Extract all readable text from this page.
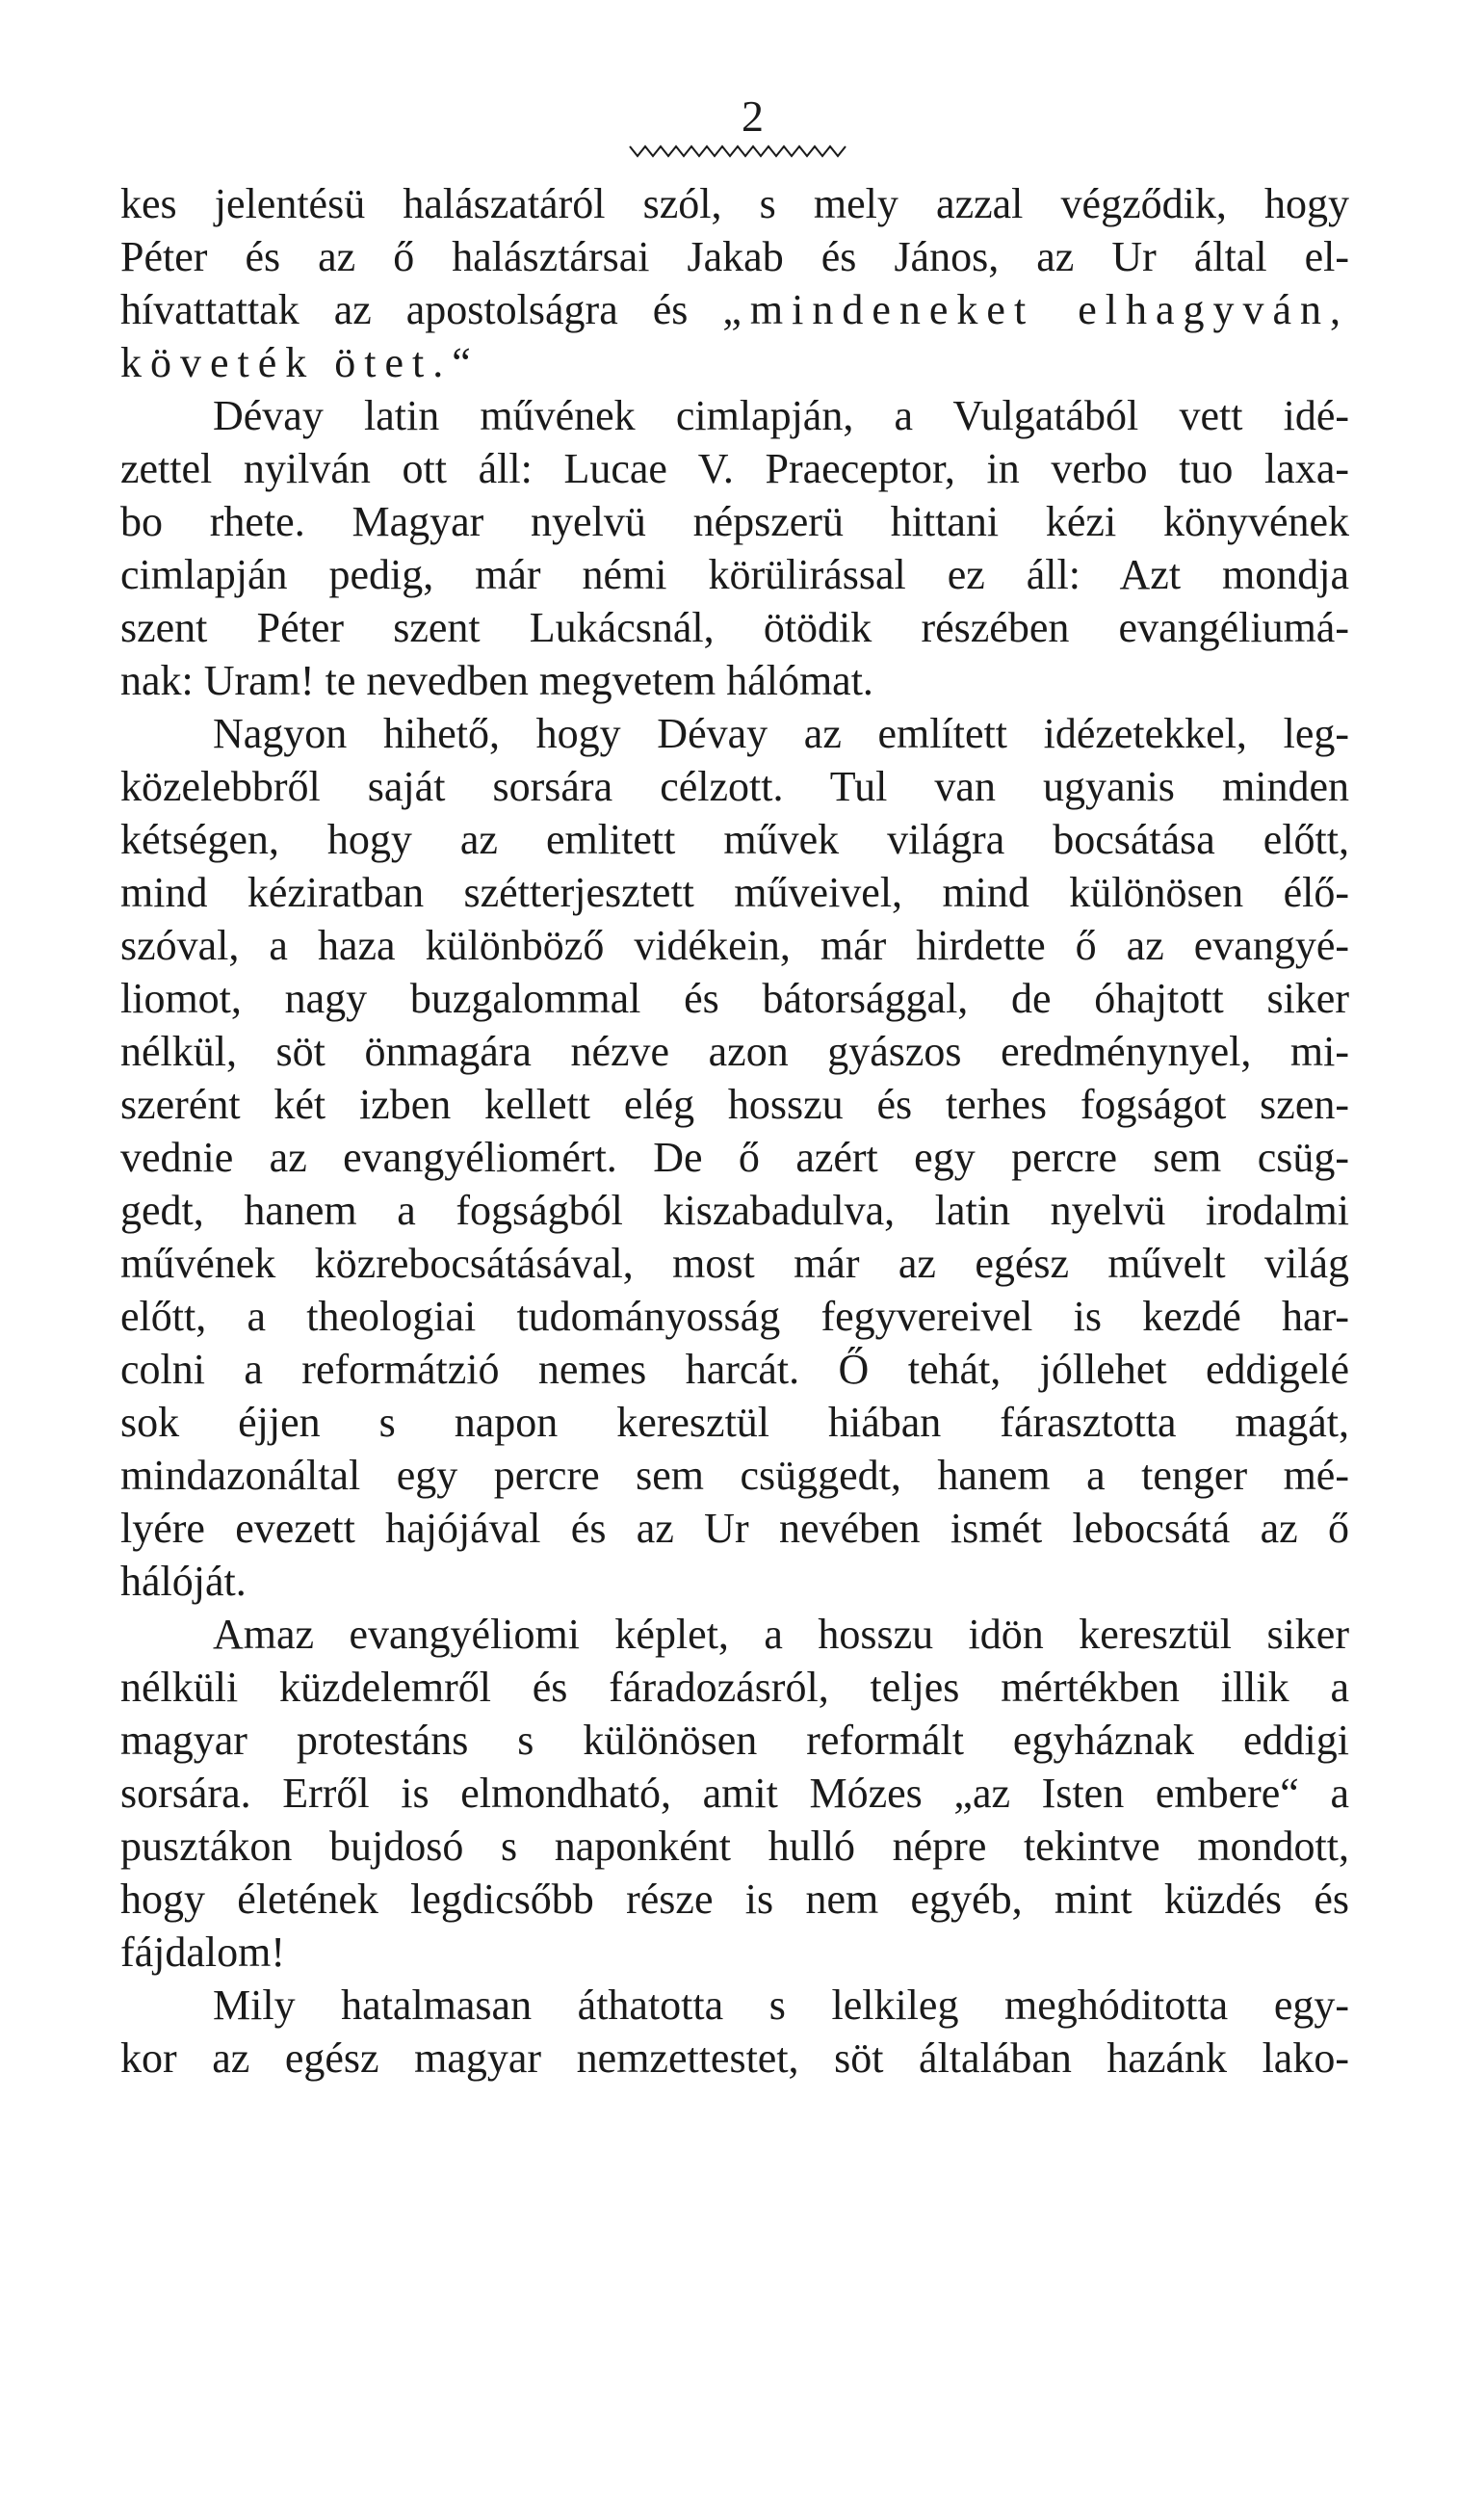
2
kes jelentésü halászatáról szól, s mely azzal végződik, hogy
Péter és az ő halásztársai Jakab és János, az Ur által el-
hívattattak az apostolságra és „mindeneket elhagyván,
követék ötet.“
Dévay latin művének cimlapján, a Vulgatából vett idé-
zettel nyilván ott áll: Lucae V. Praeceptor, in verbo tuo laxa-
bo rhete. Magyar nyelvü népszerü hittani kézi könyvének
cimlapján pedig, már némi körülirással ez áll: Azt mondja
szent Péter szent Lukácsnál, ötödik részében evangéliumá-
nak: Uram! te nevedben megvetem hálómat.
Nagyon hihető, hogy Dévay az említett idézetekkel, leg-
közelebbről saját sorsára célzott. Tul van ugyanis minden
kétségen, hogy az emlitett művek világra bocsátása előtt,
mind kéziratban szétterjesztett műveivel, mind különösen élő-
szóval, a haza különböző vidékein, már hirdette ő az evangyé-
liomot, nagy buzgalommal és bátorsággal, de óhajtott siker
nélkül, söt önmagára nézve azon gyászos eredménynyel, mi-
szerént két izben kellett elég hosszu és terhes fogságot szen-
vednie az evangyéliomért. De ő azért egy percre sem csüg-
gedt, hanem a fogságból kiszabadulva, latin nyelvü irodalmi
művének közrebocsátásával, most már az egész művelt világ
előtt, a theologiai tudományosság fegyvereivel is kezdé har-
colni a reformátzió nemes harcát. Ő tehát, jóllehet eddigelé
sok éjjen s napon keresztül hiában fárasztotta magát,
mindazonáltal egy percre sem csüggedt, hanem a tenger mé-
lyére evezett hajójával és az Ur nevében ismét lebocsátá az ő
hálóját.
Amaz evangyéliomi képlet, a hosszu idön keresztül siker
nélküli küzdelemről és fáradozásról, teljes mértékben illik a
magyar protestáns s különösen reformált egyháznak eddigi
sorsára. Erről is elmondható, amit Mózes „az Isten embere“ a
pusztákon bujdosó s naponként hulló népre tekintve mondott,
hogy életének legdicsőbb része is nem egyéb, mint küzdés és
fájdalom!
Mily hatalmasan áthatotta s lelkileg meghóditotta egy-
kor az egész magyar nemzettestet, söt általában hazánk lako-
